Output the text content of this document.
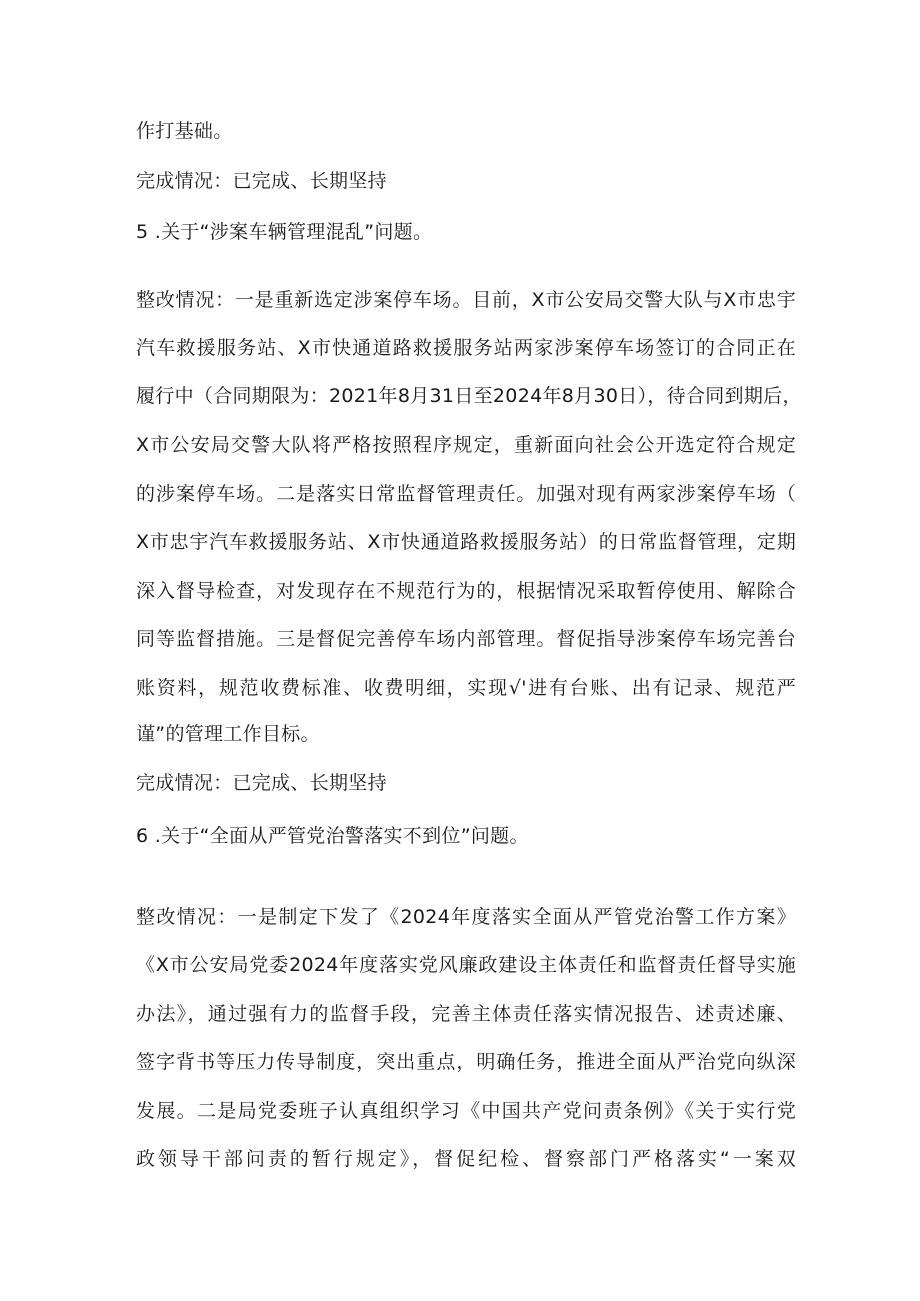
作打基础。
完成情况：已完成、长期坚持
5 .关于“涉案车辆管理混乱”问题。
整改情况：一是重新选定涉案停车场。目前，X市公安局交警大队与X市忠宇
汽车救援服务站、X市快通道路救援服务站两家涉案停车场签订的合同正在
履行中（合同期限为：2021年8月31日至2024年8月30日），待合同到期后，
X市公安局交警大队将严格按照程序规定，重新面向社会公开选定符合规定
的涉案停车场。二是落实日常监督管理责任。加强对现有两家涉案停车场（
X市忠宇汽车救援服务站、X市快通道路救援服务站）的日常监督管理，定期
深入督导检查，对发现存在不规范行为的，根据情况采取暂停使用、解除合
同等监督措施。三是督促完善停车场内部管理。督促指导涉案停车场完善台
账资料，规范收费标准、收费明细，实现√'进有台账、出有记录、规范严
谨”的管理工作目标。
完成情况：已完成、长期坚持
6 .关于“全面从严管党治警落实不到位”问题。
整改情况：一是制定下发了《2024年度落实全面从严管党治警工作方案》
《X市公安局党委2024年度落实党风廉政建设主体责任和监督责任督导实施
办法》，通过强有力的监督手段，完善主体责任落实情况报告、述责述廉、
签字背书等压力传导制度，突出重点，明确任务，推进全面从严治党向纵深
发展。二是局党委班子认真组织学习《中国共产党问责条例》《关于实行党
政领导干部问责的暂行规定》，督促纪检、督察部门严格落实“一案双
